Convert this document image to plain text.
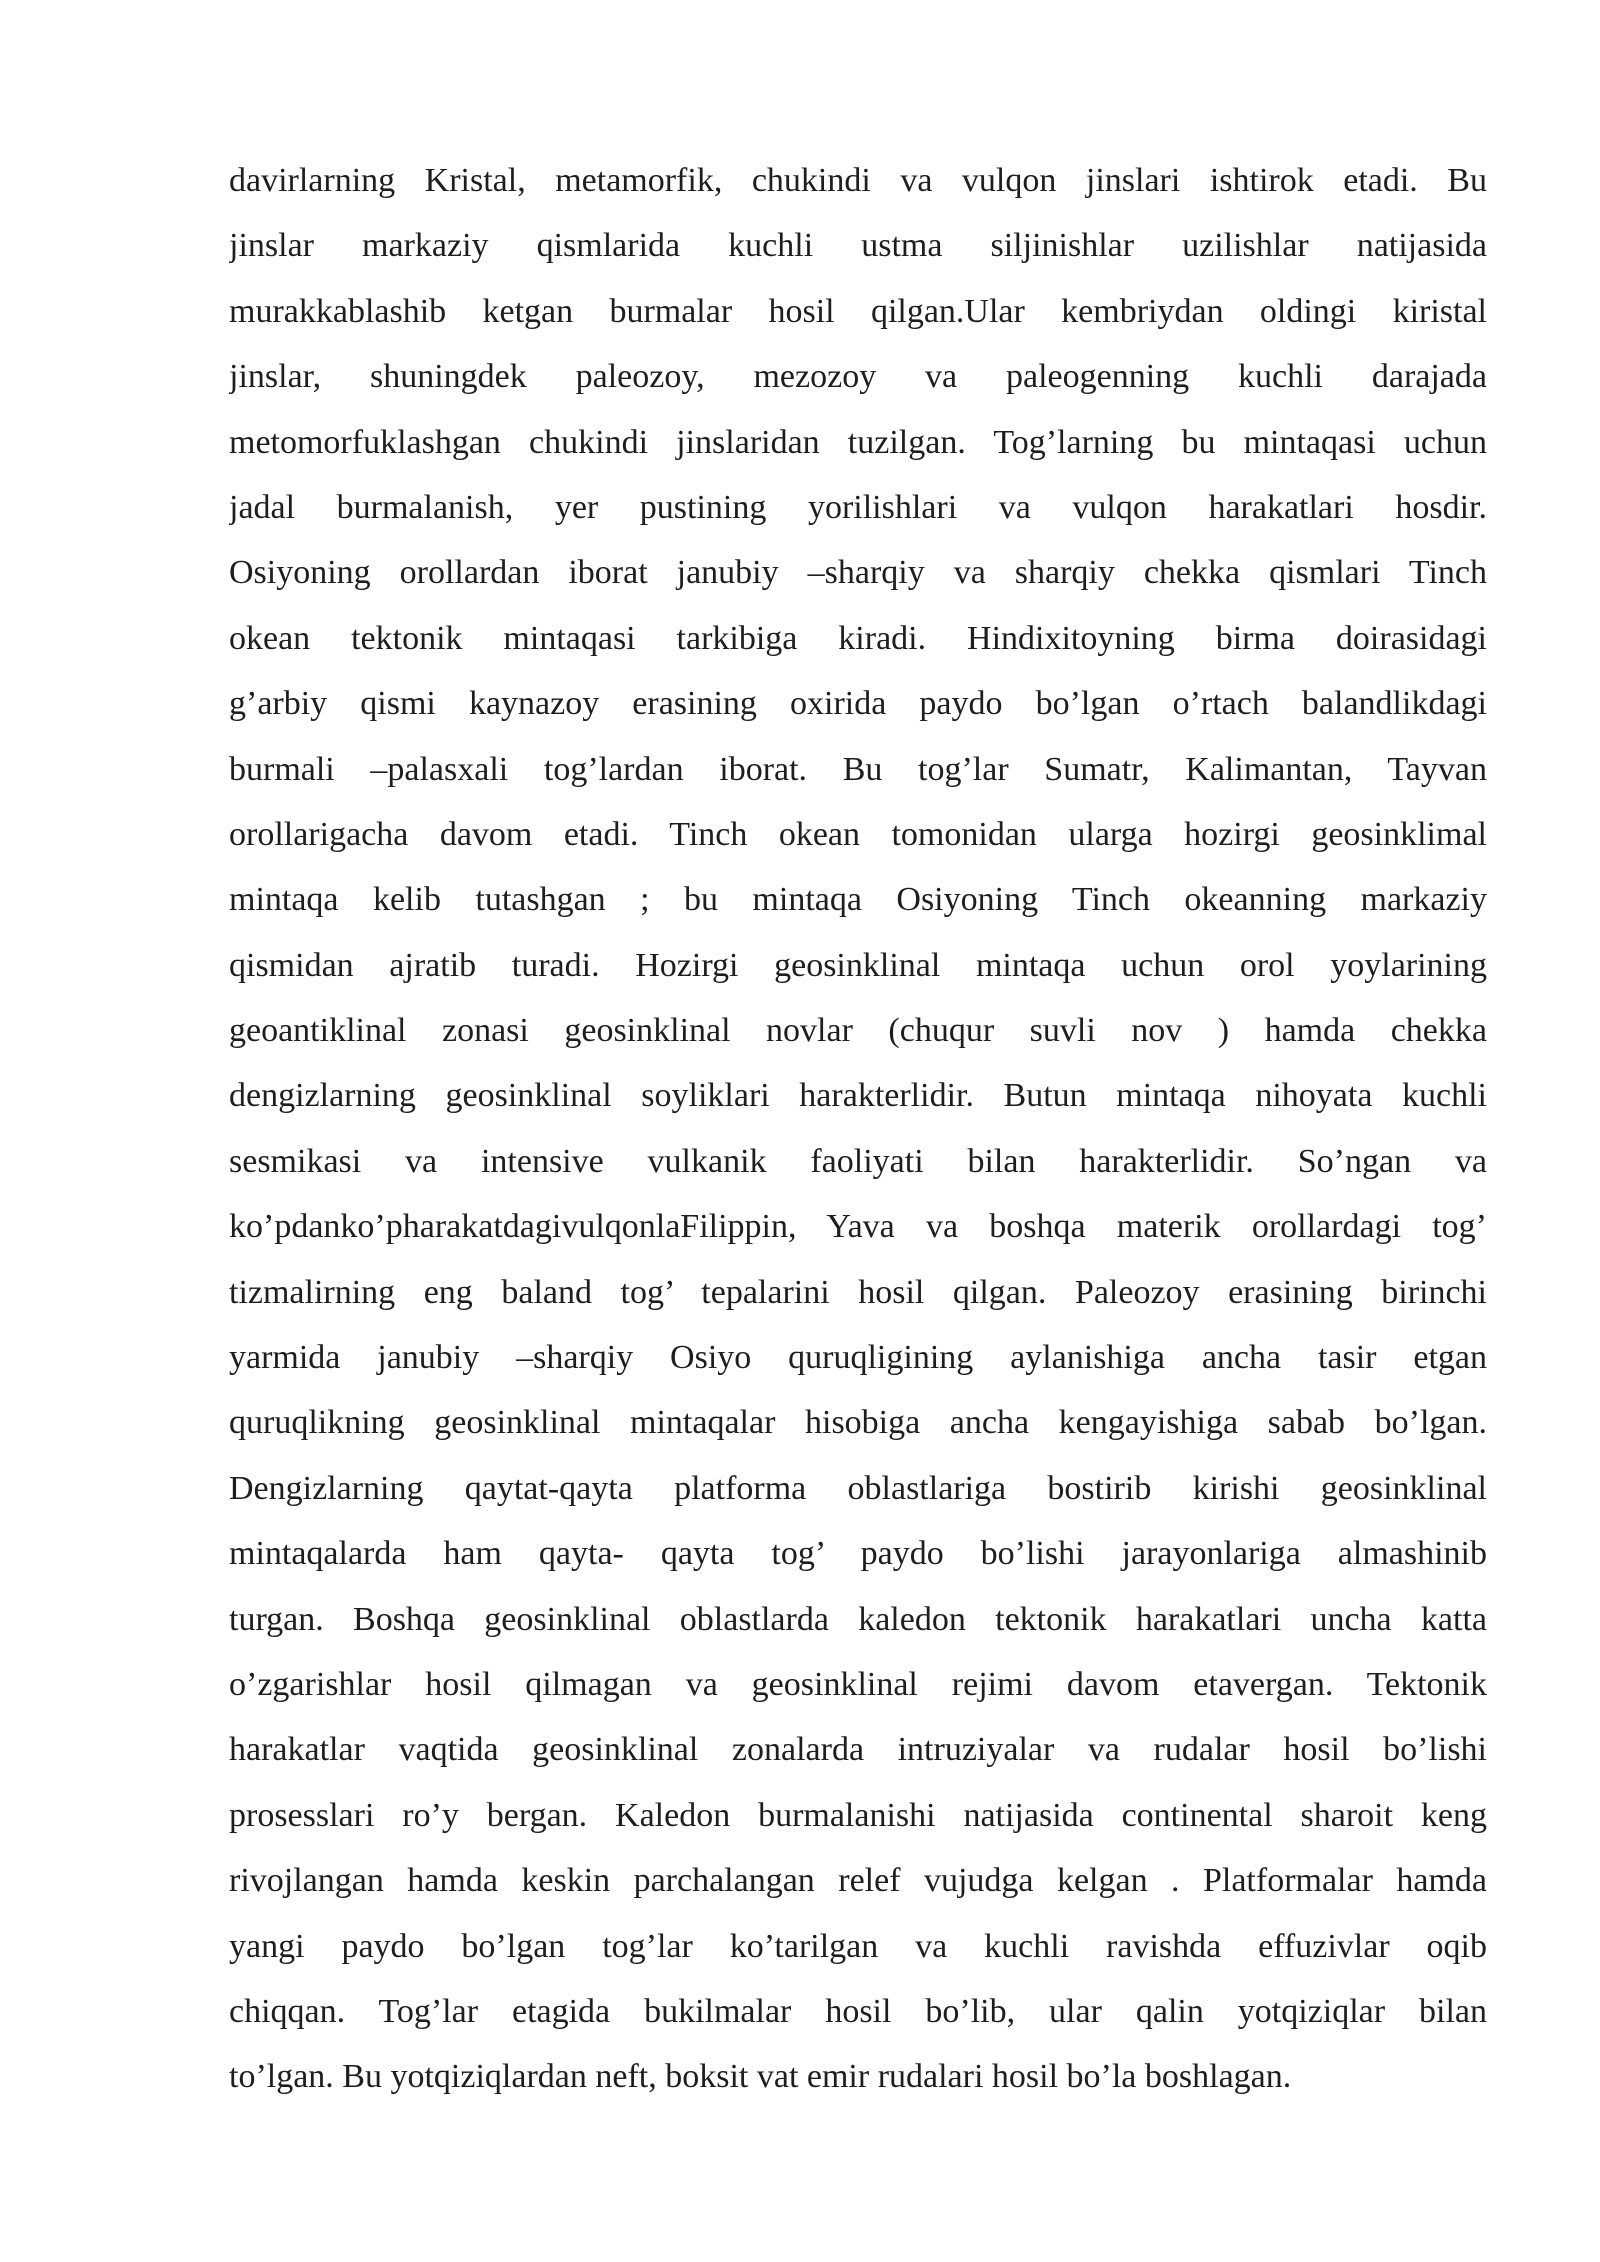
davirlarning Kristal, metamorfik, chukindi va vulqon jinslari ishtirok etadi. Bu
jinslar markaziy qismlarida kuchli ustma siljinishlar uzilishlar natijasida
murakkablashib ketgan burmalar hosil qilgan.Ular kembriydan oldingi kiristal
jinslar, shuningdek paleozoy, mezozoy va paleogenning kuchli darajada
metomorfuklashgan chukindi jinslaridan tuzilgan. Tog’larning bu mintaqasi uchun
jadal burmalanish, yer pustining yorilishlari va vulqon harakatlari hosdir.
Osiyoning orollardan iborat janubiy –sharqiy va sharqiy chekka qismlari Tinch
okean tektonik mintaqasi tarkibiga kiradi. Hindixitoyning birma doirasidagi
g’arbiy qismi kaynazoy erasining oxirida paydo bo’lgan o’rtach balandlikdagi
burmali –palasxali tog’lardan iborat. Bu tog’lar Sumatr, Kalimantan, Tayvan
orollarigacha davom etadi. Tinch okean tomonidan ularga hozirgi geosinklimal
mintaqa kelib tutashgan ; bu mintaqa Osiyoning Tinch okeanning markaziy
qismidan ajratib turadi. Hozirgi geosinklinal mintaqa uchun orol yoylarining
geoantiklinal zonasi geosinklinal novlar (chuqur suvli nov ) hamda chekka
dengizlarning geosinklinal soyliklari harakterlidir. Butun mintaqa nihoyata kuchli
sesmikasi va intensive vulkanik faoliyati bilan harakterlidir. So’ngan va
ko’pdanko’pharakatdagivulqonlaFilippin, Yava va boshqa materik orollardagi tog’
tizmalirning eng baland tog’ tepalarini hosil qilgan. Paleozoy erasining birinchi
yarmida janubiy –sharqiy Osiyo quruqligining aylanishiga ancha tasir etgan
quruqlikning geosinklinal mintaqalar hisobiga ancha kengayishiga sabab bo’lgan.
Dengizlarning qaytat-qayta platforma oblastlariga bostirib kirishi geosinklinal
mintaqalarda ham qayta- qayta tog’ paydo bo’lishi jarayonlariga almashinib
turgan. Boshqa geosinklinal oblastlarda kaledon tektonik harakatlari uncha katta
o’zgarishlar hosil qilmagan va geosinklinal rejimi davom etavergan. Tektonik
harakatlar vaqtida geosinklinal zonalarda intruziyalar va rudalar hosil bo’lishi
prosesslari ro’y bergan. Kaledon burmalanishi natijasida continental sharoit keng
rivojlangan hamda keskin parchalangan relef vujudga kelgan . Platformalar hamda
yangi paydo bo’lgan tog’lar ko’tarilgan va kuchli ravishda effuzivlar oqib
chiqqan. Tog’lar etagida bukilmalar hosil bo’lib, ular qalin yotqiziqlar bilan
to’lgan. Bu yotqiziqlardan neft, boksit vat emir rudalari hosil bo’la boshlagan.
